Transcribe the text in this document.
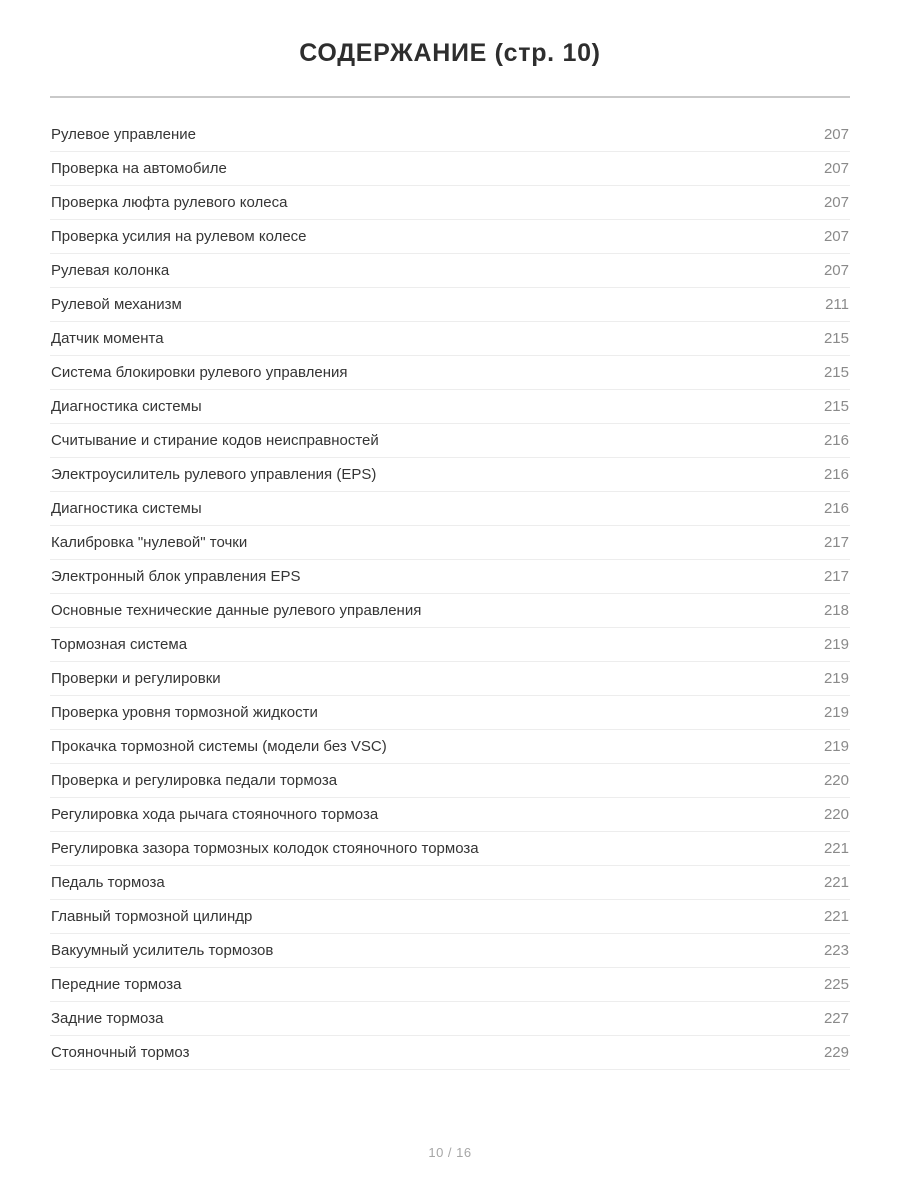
СОДЕРЖАНИЕ (стр. 10)
Рулевое управление	207
Проверка на автомобиле	207
Проверка люфта рулевого колеса	207
Проверка усилия на рулевом колесе	207
Рулевая колонка	207
Рулевой механизм	211
Датчик момента	215
Система блокировки рулевого управления	215
Диагностика системы	215
Считывание и стирание кодов неисправностей	216
Электроусилитель рулевого управления (EPS)	216
Диагностика системы	216
Калибровка "нулевой" точки	217
Электронный блок управления EPS	217
Основные технические данные рулевого управления	218
Тормозная система	219
Проверки и регулировки	219
Проверка уровня тормозной жидкости	219
Прокачка тормозной системы (модели без VSC)	219
Проверка и регулировка педали тормоза	220
Регулировка хода рычага стояночного тормоза	220
Регулировка зазора тормозных колодок стояночного тормоза	221
Педаль тормоза	221
Главный тормозной цилиндр	221
Вакуумный усилитель тормозов	223
Передние тормоза	225
Задние тормоза	227
Стояночный тормоз	229
10 / 16
